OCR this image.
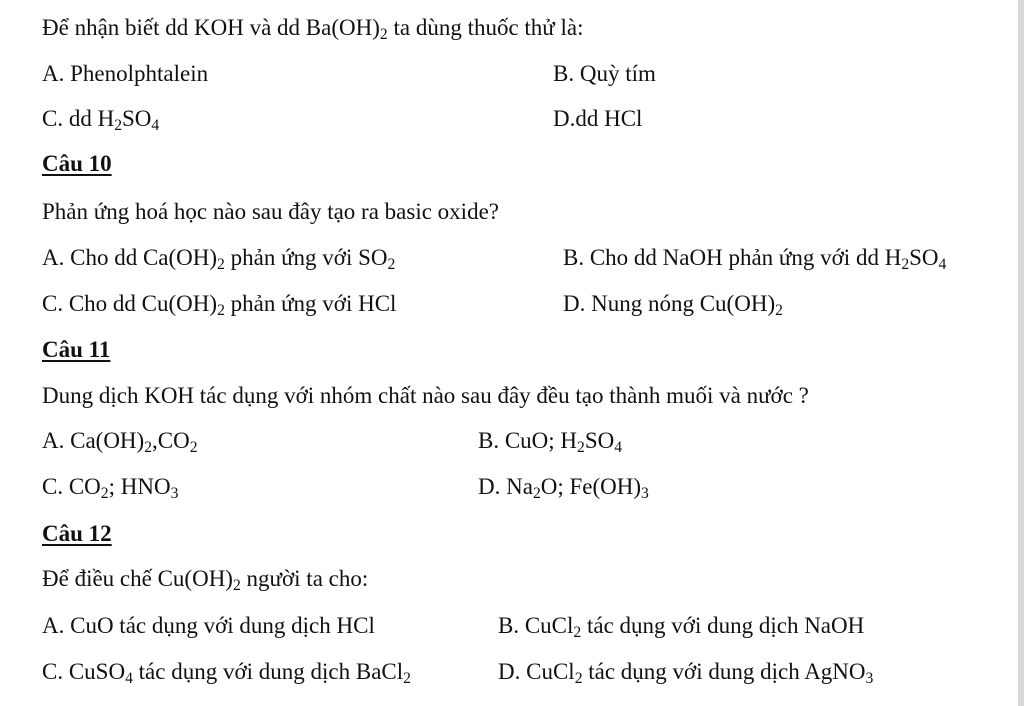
Để nhận biết dd KOH và dd $Ba(OH)_2$ ta dùng thuốc thử là:
A. Phenolphtalein	B. Quỳ tím
C. dd $H_2SO_4$	D.dd HCl
Câu 10
Phản ứng hoá học nào sau đây tạo ra basic oxide?
A. Cho dd $Ca(OH)_2$ phản ứng với $SO_2$	B. Cho dd NaOH phản ứng với dd $H_2SO_4$
C. Cho dd $Cu(OH)_2$ phản ứng với HCl	D. Nung nóng $Cu(OH)_2$
Câu 11
Dung dịch KOH tác dụng với nhóm chất nào sau đây đều tạo thành muối và nước ?
A. $Ca(OH)_2,CO_2$	B. CuO; $H_2SO_4$
C. $CO_2$; $HNO_3$	D. $Na_2O$; $Fe(OH)_3$
Câu 12
Để điều chế $Cu(OH)_2$ người ta cho:
A. CuO tác dụng với dung dịch HCl	B. CuCl$_2$ tác dụng với dung dịch NaOH
C. CuSO$_4$ tác dụng với dung dịch BaCl$_2$	D. CuCl$_2$ tác dụng với dung dịch AgNO$_3$
